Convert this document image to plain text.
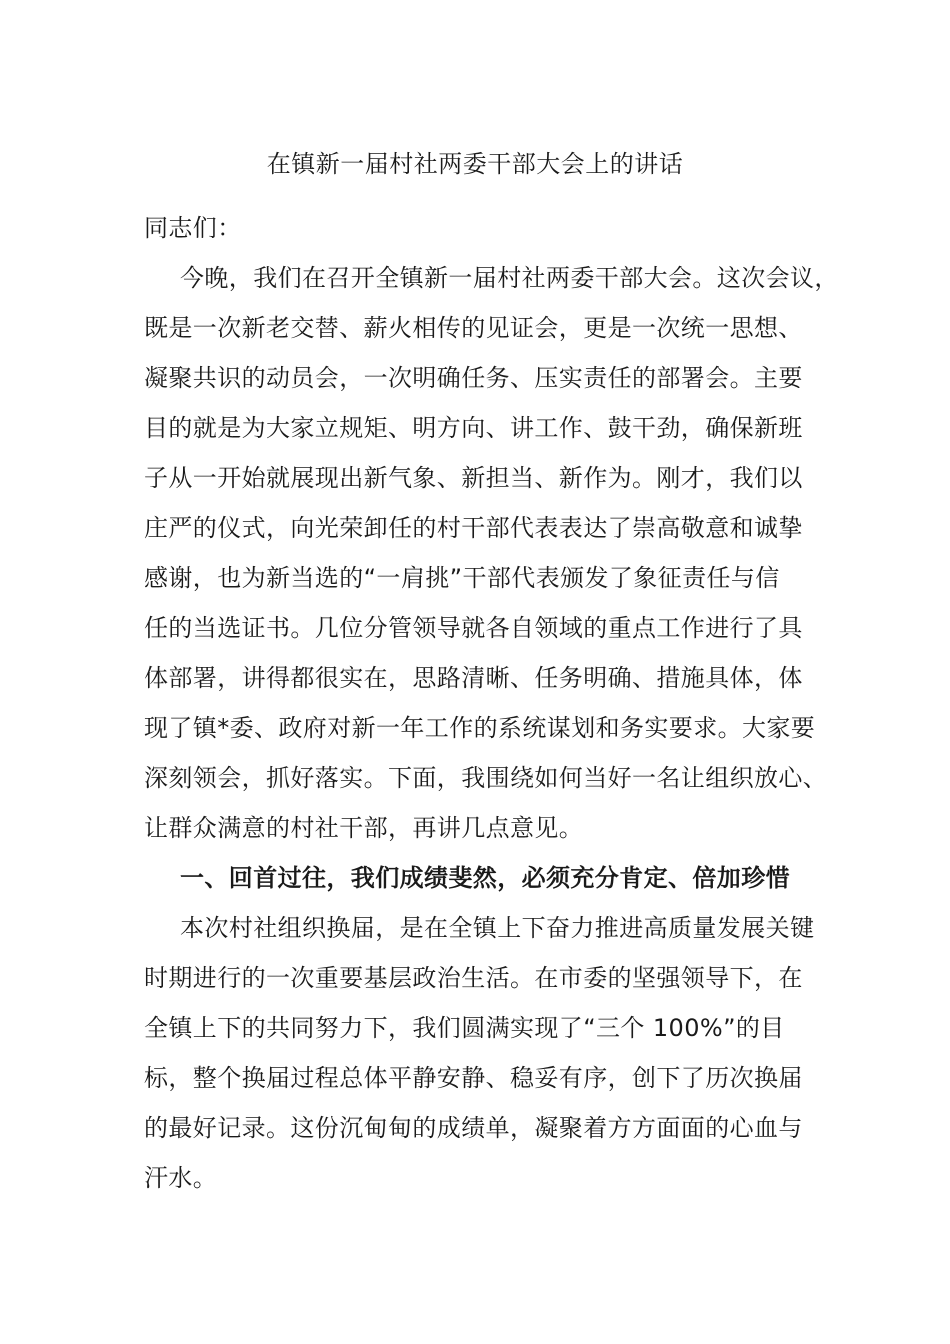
在镇新一届村社两委干部大会上的讲话
同志们：
今晚，我们在召开全镇新一届村社两委干部大会。这次会议，
既是一次新老交替、薪火相传的见证会，更是一次统一思想、
凝聚共识的动员会，一次明确任务、压实责任的部署会。主要
目的就是为大家立规矩、明方向、讲工作、鼓干劲，确保新班
子从一开始就展现出新气象、新担当、新作为。刚才，我们以
庄严的仪式，向光荣卸任的村干部代表表达了崇高敬意和诚挚
感谢，也为新当选的“一肩挑”干部代表颁发了象征责任与信
任的当选证书。几位分管领导就各自领域的重点工作进行了具
体部署，讲得都很实在，思路清晰、任务明确、措施具体，体
现了镇*委、政府对新一年工作的系统谋划和务实要求。大家要
深刻领会，抓好落实。下面，我围绕如何当好一名让组织放心、
让群众满意的村社干部，再讲几点意见。
一、回首过往，我们成绩斐然，必须充分肯定、倍加珍惜
本次村社组织换届，是在全镇上下奋力推进高质量发展关键
时期进行的一次重要基层政治生活。在市委的坚强领导下，在
全镇上下的共同努力下，我们圆满实现了“三个 100%”的目
标，整个换届过程总体平静安静、稳妥有序，创下了历次换届
的最好记录。这份沉甸甸的成绩单，凝聚着方方面面的心血与
汗水。
